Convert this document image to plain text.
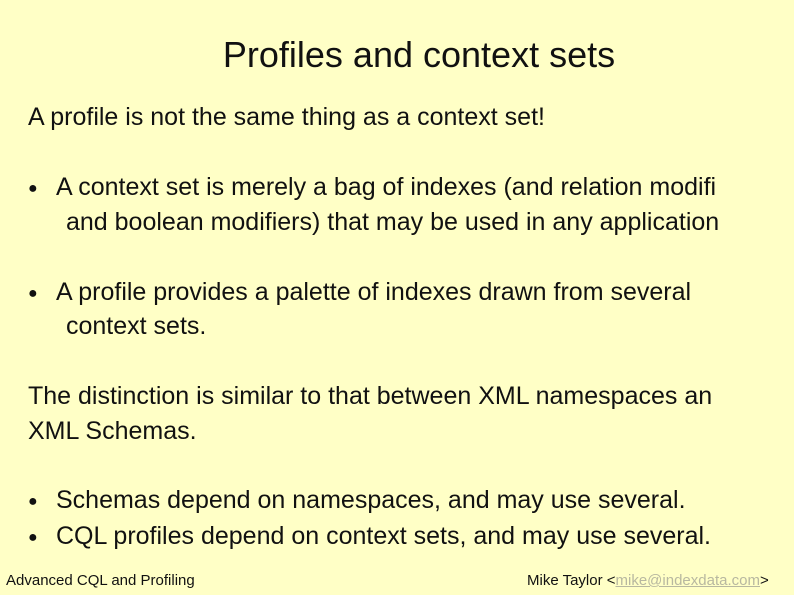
Profiles and context sets
A profile is not the same thing as a context set!
● A context set is merely a bag of indexes (and relation modifi
and boolean modifiers) that may be used in any application
● A profile provides a palette of indexes drawn from several
context sets.
The distinction is similar to that between XML namespaces an
XML Schemas.
● Schemas depend on namespaces, and may use several.
● CQL profiles depend on context sets, and may use several.
Advanced CQL and Profiling	Mike Taylor <mike@indexdata.com>
